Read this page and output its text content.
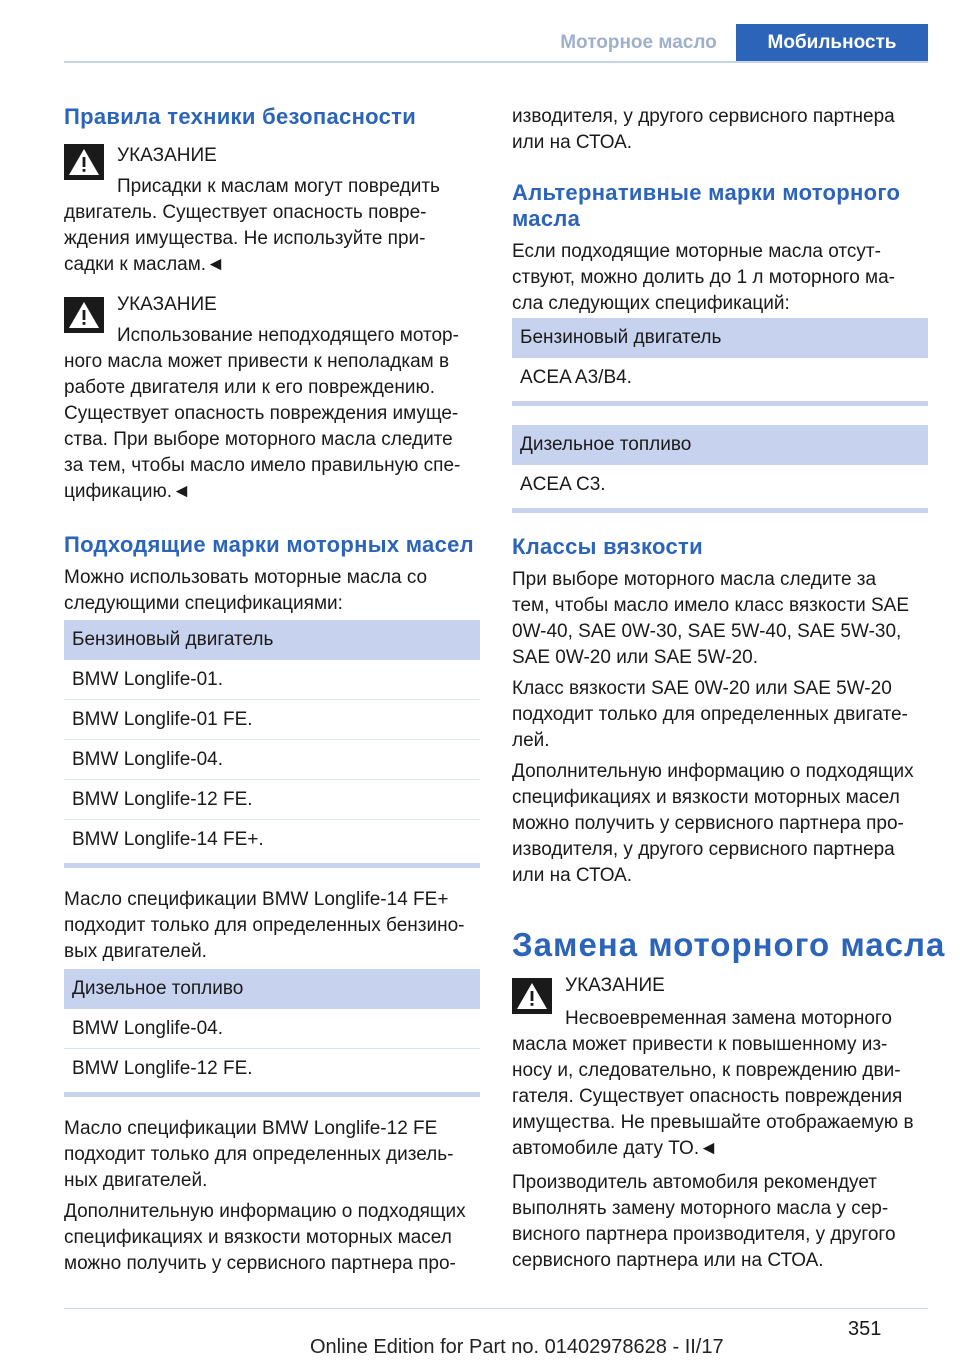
Моторное масло	Мобильность
Правила техники безопасности
УКАЗАНИЕ
Присадки к маслам могут повредить
двигатель. Существует опасность повре-
ждения имущества. Не используйте при-
садки к маслам.◄
УКАЗАНИЕ
Использование неподходящего мотор-
ного масла может привести к неполадкам в
работе двигателя или к его повреждению.
Существует опасность повреждения имуще-
ства. При выборе моторного масла следите
за тем, чтобы масло имело правильную спе-
цификацию.◄
Подходящие марки моторных масел
Можно использовать моторные масла со
следующими спецификациями:
Бензиновый двигатель
BMW Longlife-01.
BMW Longlife-01 FE.
BMW Longlife-04.
BMW Longlife-12 FE.
BMW Longlife-14 FE+.
Масло спецификации BMW Longlife-14 FE+
подходит только для определенных бензино-
вых двигателей.
Дизельное топливо
BMW Longlife-04.
BMW Longlife-12 FE.
Масло спецификации BMW Longlife-12 FE
подходит только для определенных дизель-
ных двигателей.
Дополнительную информацию о подходящих
спецификациях и вязкости моторных масел
можно получить у сервисного партнера про-
изводителя, у другого сервисного партнера
или на СТОА.
Альтернативные марки моторного
масла
Если подходящие моторные масла отсут-
ствуют, можно долить до 1 л моторного ма-
сла следующих спецификаций:
Бензиновый двигатель
ACEA A3/B4.
Дизельное топливо
ACEA C3.
Классы вязкости
При выборе моторного масла следите за
тем, чтобы масло имело класс вязкости SAE
0W-40, SAE 0W-30, SAE 5W-40, SAE 5W-30,
SAE 0W-20 или SAE 5W-20.
Класс вязкости SAE 0W-20 или SAE 5W-20
подходит только для определенных двигате-
лей.
Дополнительную информацию о подходящих
спецификациях и вязкости моторных масел
можно получить у сервисного партнера про-
изводителя, у другого сервисного партнера
или на СТОА.
Замена моторного масла
УКАЗАНИЕ
Несвоевременная замена моторного
масла может привести к повышенному из-
носу и, следовательно, к повреждению дви-
гателя. Существует опасность повреждения
имущества. Не превышайте отображаемую в
автомобиле дату ТО.◄
Производитель автомобиля рекомендует
выполнять замену моторного масла у сер-
висного партнера производителя, у другого
сервисного партнера или на СТОА.
351
Online Edition for Part no. 01402978628 - II/17
